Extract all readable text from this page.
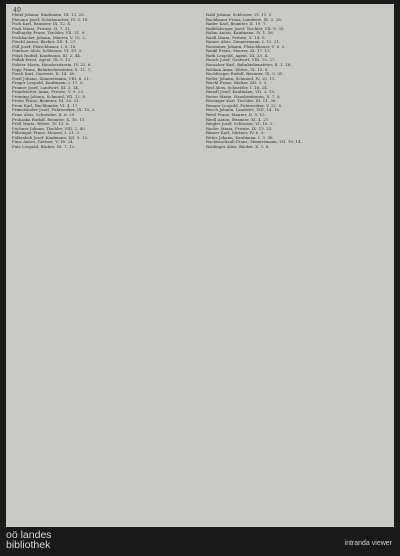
40

Plötzl Johann, Kaufmann, III. 13. 25.

Pneuma Josef, Schuhmacher, IV. 3. 18.

Pock Karl, Beamter, IX. 12. 4.

Pock Maria, Private, II. 7. 31.

Podhajsky Franz, Tischler, VII. 21. 9.

Pöchhacker Johann, Maurer, V. 15. 2.

Pöschl Anton, Bäcker, XII. 4. 27.

Pöll Josef, Fleischhauer, I. 8. 16.

Pointner Alois, Schlosser, VI. 19. 3.

Polak Rudolf, Kaufmann, III. 2. 44.

Pollak Ernst, Agent, IX. 5. 12.

Polster Maria, Hausbesitzerin, IV. 22. 6.

Popp Franz, Bahnbediensteter, X. 11. 7.

Posch Karl, Gastwirt, II. 14. 38.

Postl Johann, Zimmermann, VIII. 6. 21.

Prager Leopold, Kaufmann, I. 17. 5.

Pramer Josef, Landwirt, XI. 3. 14.

Prandstetter Anna, Private, V. 9. 23.

Preining Johann, Schmied, VII. 12. 8.

Preiss Franz, Beamter, III. 20. 31.

Prem Karl, Buchbinder, VI. 4. 17.

Primetshofer Josef, Fuhrwerker, IX. 15. 2.

Prinz Alois, Schneider, II. 6. 29.

Prohaska Rudolf, Beamter, X. 18. 11.

Pröll Maria, Witwe, IV. 13. 6.

Puchner Johann, Tischler, VIII. 2. 40.

Pühringer Franz, Maurer, I. 21. 3.

Pulkrabek Josef, Kaufmann, XII. 9. 15.

Punz Anton, Gärtner, V. 16. 24.

Putz Leopold, Bäcker, III. 7. 12.

Rabl Johann, Schlosser, VI. 11. 5.

Rachbauer Franz, Landwirt, IX. 3. 28.

Rader Karl, Beamter, II. 19. 7.

Raffelsberger Josef, Tischler, VII. 8. 33.

Rahm Anton, Kaufmann, IV. 1. 16.

Raidl Maria, Private, X. 14. 9.

Rainer Alois, Zimmermann, I. 12. 21.

Ramsauer Johann, Fleischhauer, V. 6. 2.

Rankl Franz, Maurer, XI. 17. 13.

Rath Leopold, Agent, III. 23. 4.

Rauch Josef, Gastwirt, VIII. 10. 27.

Rauscher Karl, Bahnbediensteter, II. 2. 18.

Rebhan Anna, Witwe, VI. 15. 6.

Rechberger Rudolf, Beamter, IX. 9. 35.

Reder Johann, Schmied, IV. 20. 11.

Reichl Franz, Bäcker, XII. 5. 3.

Reif Alois, Schneider, I. 16. 24.

Reindl Josef, Kaufmann, VII. 3. 19.

Reiter Maria, Hausbesitzerin, X. 7. 8.

Reisinger Karl, Tischler, III. 11. 30.

Renner Leopold, Fuhrwerker, V. 22. 5.

Resch Johann, Landwirt, VIII. 14. 16.

Retzl Franz, Maurer, II. 9. 12.

Riedl Anton, Beamter, XI. 4. 27.

Riegler Josef, Schlosser, VI. 18. 2.

Rieder Maria, Private, IX. 13. 21.

Rinner Karl, Gärtner, IV. 6. 9.

Ritter Johann, Kaufmann, I. 3. 38.

Rockenschaub Franz, Zimmermann, VII. 19. 14.

Roidinger Alois, Bäcker, X. 1. 6.

oö landes
bibliothek	intranda viewer
